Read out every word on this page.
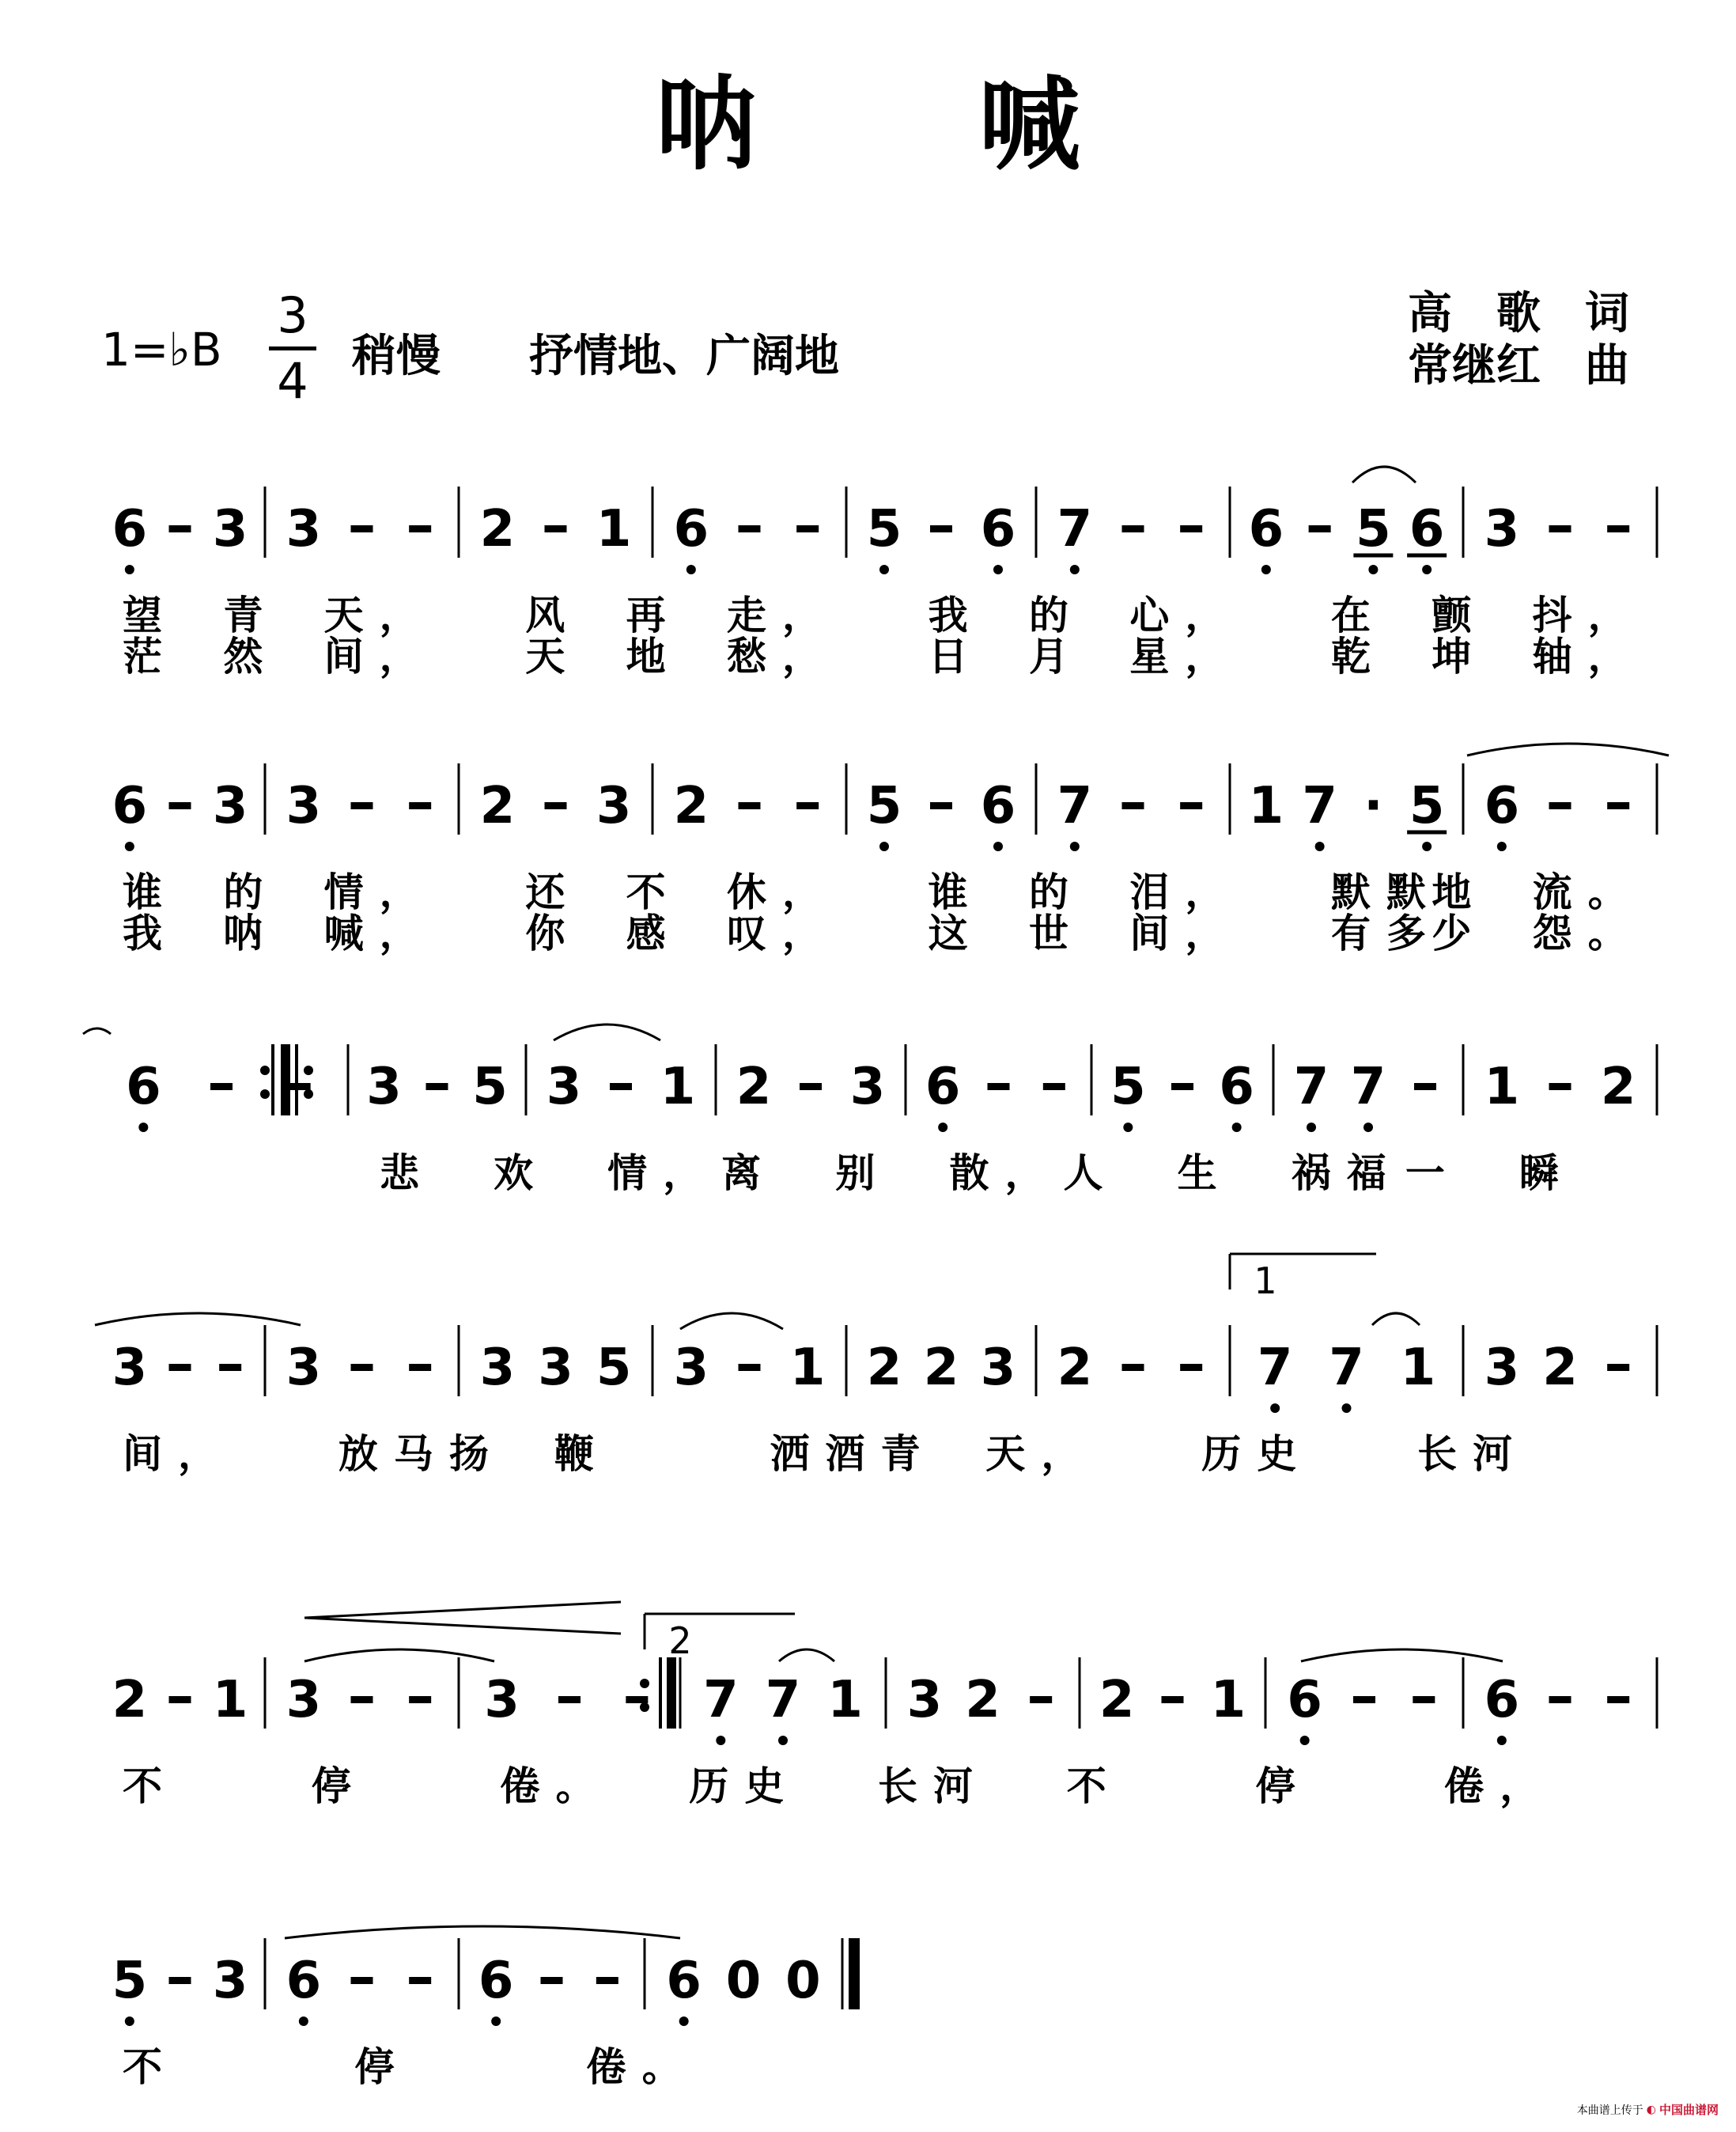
呐 喊
1=♭B
3
4 稍慢　　抒情地、广阔地
高　歌　词
常继红　曲
6 3 3	2 1 6	5 6 7	6 5 6 3
6 3 3	2 3 2	5 6 7	1 7 · 5 6
6	3 5 3 1 2 3 6	5 6 7 7 1 2
3	3	3 3 5 3 1 2 2 3 2	7 7 1 3 2
2 1 3	3	7 7 1 3 2 2 1 6	6
5 3 6	6	6 0 0
1
2
望 青 天， 风 再 走， 我 的 心， 在 颤 抖，
茫 然 间， 天 地 愁， 日 月 星， 乾 坤 轴，
谁 的 情， 还 不 休， 谁 的 泪， 默默
地 流。
我 呐 喊， 你 感 叹， 这 世 间， 有多
少 怨。
悲 欢 情， 离 别 散， 人 生 祸福 一 瞬
间，	放马扬 鞭	洒酒青 天，	历史	长河
不	停	倦。 历史 长河 不	停	倦，
不	停	倦。
本曲谱上传于 ◐ 中国曲谱网
